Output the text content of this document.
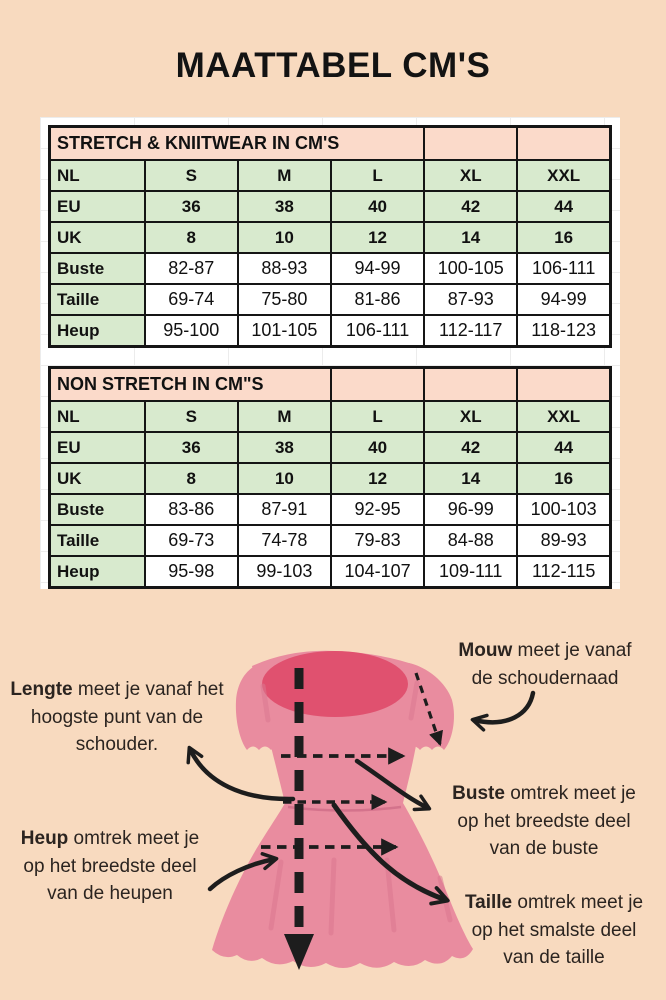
MAATTABEL CM'S
STRETCH & KNIITWEAR IN CM'S					
NL	S	M	L	XL	XXL
EU	36	38	40	42	44
UK	8	10	12	14	16
Buste	82-87	88-93	94-99	100-105	106-111
Taille	69-74	75-80	81-86	87-93	94-99
Heup	95-100	101-105	106-111	112-117	118-123
NON STRETCH IN CM"S					
NL	S	M	L	XL	XXL
EU	36	38	40	42	44
UK	8	10	12	14	16
Buste	83-86	87-91	92-95	96-99	100-103
Taille	69-73	74-78	79-83	84-88	89-93
Heup	95-98	99-103	104-107	109-111	112-115

Lengte meet je vanaf het

hoogste punt van de

schouder.

Mouw meet je vanaf

de schoudernaad

Buste omtrek meet je

op het breedste deel

van de buste

Taille omtrek meet je

op het smalste deel

van de taille

Heup omtrek meet je

op het breedste deel

van de heupen
